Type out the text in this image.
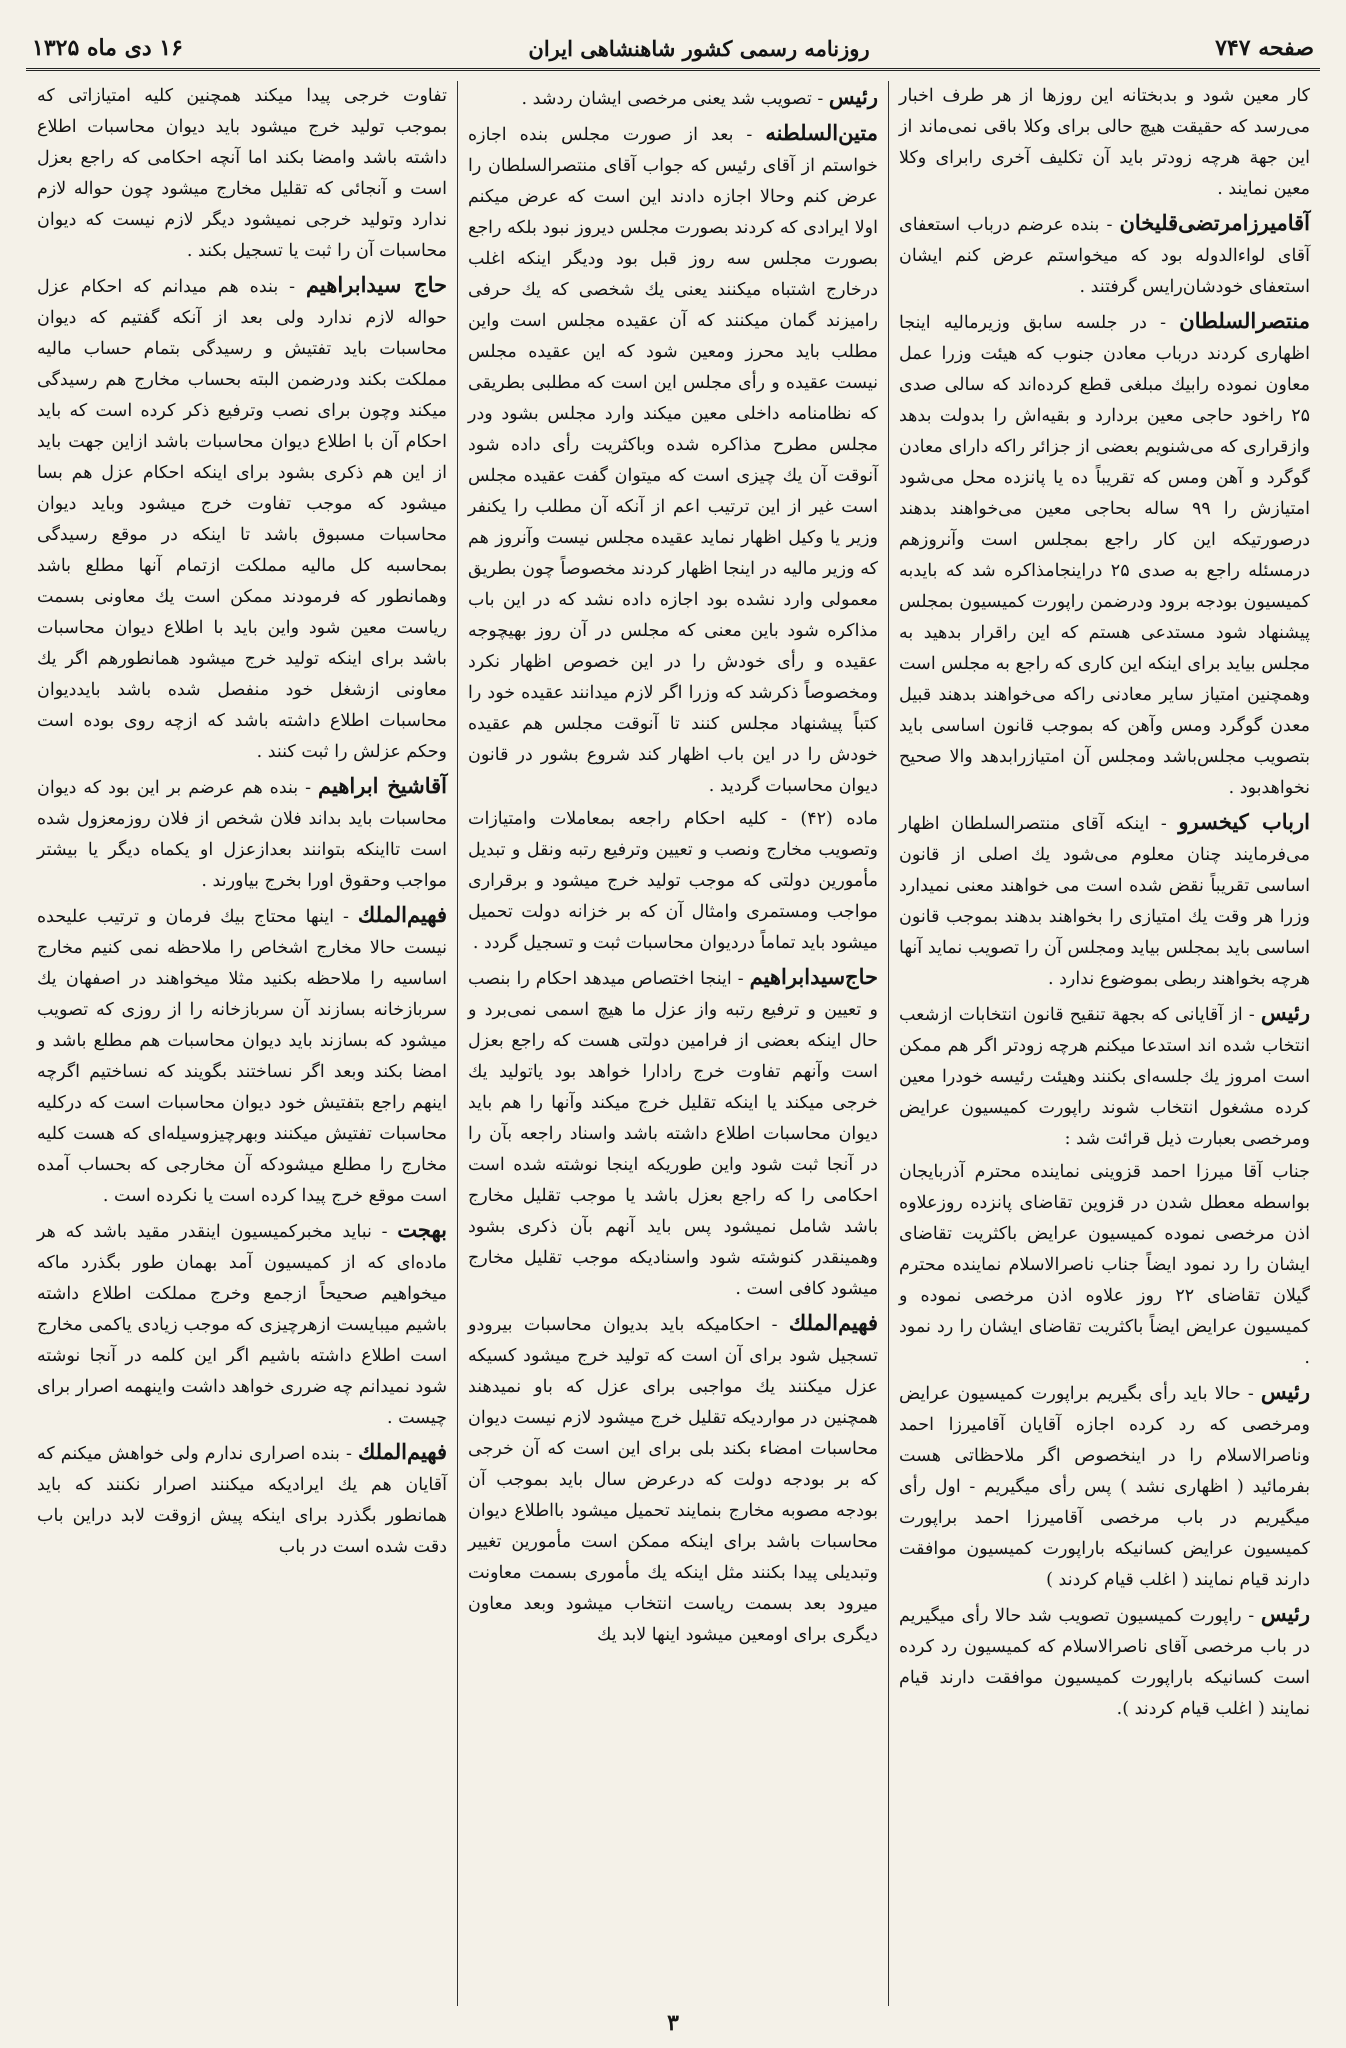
صفحه ۷۴۷
روزنامه رسمی کشور شاهنشاهی ایران
۱۶ دی ماه ۱۳۲۵

کار معین شود و بدبختانه این روزها از هر طرف اخبار می‌رسد که حقیقت هیچ حالی برای وکلا باقی نمی‌ماند از این جهة هرچه زودتر باید آن تکلیف آخری رابرای وکلا معین نمایند .

آقامیرزامرتضی‌قلیخان - بنده عرضم درباب استعفای آقای لواءالدوله بود که میخواستم عرض کنم ایشان استعفای خودشان‌رایس گرفتند .

منتصرالسلطان - در جلسه سابق وزیرمالیه اینجا اظهاری کردند درباب معادن جنوب که هیئت وزرا عمل معاون نموده رابیك مبلغی قطع کرده‌اند که سالی صدی ۲۵ راخود حاجی معین بردارد و بقیه‌اش را بدولت بدهد وازقراری که می‌شنویم بعضی از جزائر راکه دارای معادن گوگرد و آهن ومس که تقریباً ده یا پانزده محل می‌شود امتیازش را ۹۹ ساله بحاجی معین می‌خواهند بدهند درصورتیکه این کار راجع بمجلس است وآنروزهم درمسئله راجع به صدی ۲۵ دراینجامذاکره شد که بایدبه کمیسیون بودجه برود ودرضمن راپورت کمیسیون بمجلس پیشنهاد شود مستدعی هستم که این راقرار بدهید به مجلس بیاید برای اینکه این کاری که راجع به مجلس است وهمچنین امتیاز سایر معادنی راکه می‌خواهند بدهند قبیل معدن گوگرد ومس وآهن که بموجب قانون اساسی باید بتصویب مجلس‌باشد ومجلس آن امتیازرابدهد والا صحیح نخواهدبود .

ارباب کیخسرو - اینکه آقای منتصرالسلطان اظهار می‌فرمایند چنان معلوم می‌شود یك اصلی از قانون اساسی تقریباً نقض شده است می خواهند معنی نمیدارد وزرا هر وقت یك امتیازی را بخواهند بدهند بموجب قانون اساسی باید بمجلس بیاید ومجلس آن را تصویب نماید آنها هرچه بخواهند ربطی بموضوع ندارد .

رئیس - از آقایانی که بجهة تنقیح قانون انتخابات ازشعب انتخاب شده اند استدعا میکنم هرچه زودتر اگر هم ممکن است امروز یك جلسه‌ای بکنند وهیئت رئیسه خودرا معین کرده مشغول انتخاب شوند راپورت کمیسیون عرایض ومرخصی بعبارت ذیل قرائت شد :

جناب آقا میرزا احمد قزوینی نماینده محترم آذربایجان بواسطه معطل شدن در قزوین تقاضای پانزده روزعلاوه اذن مرخصی نموده کمیسیون عرایض باکثریت تقاضای ایشان را رد نمود ایضاً جناب ناصرالاسلام نماینده محترم گیلان تقاضای ۲۲ روز علاوه اذن مرخصی نموده و کمیسیون عرایض ایضاً باکثریت تقاضای ایشان را رد نمود .

رئیس - حالا باید رأی بگیریم براپورت کمیسیون عرایض ومرخصی که رد کرده اجازه آقایان آقامیرزا احمد وناصرالاسلام را در اینخصوص اگر ملاحظاتی هست بفرمائید ( اظهاری نشد ) پس رأی میگیریم - اول رأی میگیریم در باب مرخصی آقامیرزا احمد براپورت کمیسیون عرایض کسانیکه باراپورت کمیسیون موافقت دارند قیام نمایند ( اغلب قیام کردند )

رئیس - راپورت کمیسیون تصویب شد حالا رأی میگیریم در باب مرخصی آقای ناصرالاسلام که کمیسیون رد کرده است کسانیکه باراپورت کمیسیون موافقت دارند قیام نمایند ( اغلب قیام کردند ).

رئیس - تصویب شد یعنی مرخصی ایشان ردشد .

متین‌السلطنه - بعد از صورت مجلس بنده اجازه خواستم از آقای رئیس که جواب آقای منتصرالسلطان را عرض کنم وحالا اجازه دادند این است که عرض میکنم اولا ایرادی که کردند بصورت مجلس دیروز نبود بلکه راجع بصورت مجلس سه روز قبل بود ودیگر اینکه اغلب درخارج اشتباه میکنند یعنی یك شخصی که یك حرفی رامیزند گمان میکنند که آن عقیده مجلس است واین مطلب باید محرز ومعین شود که این عقیده مجلس نیست عقیده و رأی مجلس این است که مطلبی بطریقی که نظامنامه داخلی معین میکند وارد مجلس بشود ودر مجلس مطرح مذاکره شده وباکثریت رأی داده شود آنوقت آن یك چیزی است که میتوان گفت عقیده مجلس است غیر از این ترتیب اعم از آنکه آن مطلب را یکنفر وزیر یا وکیل اظهار نماید عقیده مجلس نیست وآنروز هم که وزیر مالیه در اینجا اظهار کردند مخصوصاً چون بطریق معمولی وارد نشده بود اجازه داده نشد که در این باب مذاکره شود باین معنی که مجلس در آن روز بهیچوجه عقیده و رأی خودش را در این خصوص اظهار نکرد ومخصوصاً ذکرشد که وزرا اگر لازم میدانند عقیده خود را کتباً پیشنهاد مجلس کنند تا آنوقت مجلس هم عقیده خودش را در این باب اظهار کند شروع بشور در قانون دیوان محاسبات گردید .

ماده (۴۲) - کلیه احکام راجعه بمعاملات وامتیازات وتصویب مخارج ونصب و تعیین وترفیع رتبه ونقل و تبدیل مأمورین دولتی که موجب تولید خرج میشود و برقراری مواجب ومستمری وامثال آن که بر خزانه دولت تحمیل میشود باید تماماً دردیوان محاسبات ثبت و تسجیل گردد .

حاج‌سیدابراهیم - اینجا اختصاص میدهد احکام را بنصب و تعیین و ترفیع رتبه واز عزل ما هیچ اسمی نمی‌برد و حال اینکه بعضی از فرامین دولتی هست که راجع بعزل است وآنهم تفاوت خرج رادارا خواهد بود یاتولید یك خرجی میکند یا اینکه تقلیل خرج میکند وآنها را هم باید دیوان محاسبات اطلاع داشته باشد واسناد راجعه بآن را در آنجا ثبت شود واین طوریکه اینجا نوشته شده است احکامی را که راجع بعزل باشد یا موجب تقلیل مخارج باشد شامل نمیشود پس باید آنهم بآن ذکری بشود وهمینقدر کنوشته شود واسنادیکه موجب تقلیل مخارج میشود کافی است .

فهیم‌الملك - احکامیکه باید بدیوان محاسبات بیرودو تسجیل شود برای آن است که تولید خرج میشود کسیکه عزل میکنند یك مواجبی برای عزل که باو نمیدهند همچنین در مواردیکه تقلیل خرج میشود لازم نیست دیوان محاسبات امضاء بکند بلی برای این است که آن خرجی که بر بودجه دولت که درعرض سال باید بموجب آن بودجه مصوبه مخارج بنمایند تحمیل میشود بااطلاع دیوان محاسبات باشد برای اینکه ممکن است مأمورین تغییر وتبدیلی پیدا بکنند مثل اینکه یك مأموری بسمت معاونت میرود بعد بسمت ریاست انتخاب میشود وبعد معاون دیگری برای اومعین میشود اینها لابد یك

تفاوت خرجی پیدا میکند همچنین کلیه امتیازاتی که بموجب تولید خرج میشود باید دیوان محاسبات اطلاع داشته باشد وامضا بکند اما آنچه احکامی که راجع بعزل است و آنجائی که تقلیل مخارج میشود چون حواله لازم ندارد وتولید خرجی نمیشود دیگر لازم نیست که دیوان محاسبات آن را ثبت یا تسجیل بکند .

حاج سیدابراهیم - بنده هم میدانم که احکام عزل حواله لازم ندارد ولی بعد از آنکه گفتیم که دیوان محاسبات باید تفتیش و رسیدگی بتمام حساب مالیه مملکت بکند ودرضمن البته بحساب مخارج هم رسیدگی میکند وچون برای نصب وترفیع ذکر کرده است که باید احکام آن با اطلاع دیوان محاسبات باشد ازاین جهت باید از این هم ذکری بشود برای اینکه احکام عزل هم بسا میشود که موجب تفاوت خرج میشود وباید دیوان محاسبات مسبوق باشد تا اینکه در موقع رسیدگی بمحاسبه کل مالیه مملکت ازتمام آنها مطلع باشد وهمانطور که فرمودند ممکن است یك معاونی بسمت ریاست معین شود واین باید با اطلاع دیوان محاسبات باشد برای اینکه تولید خرج میشود همانطورهم اگر یك معاونی ازشغل خود منفصل شده باشد بایددیوان محاسبات اطلاع داشته باشد که ازچه روی بوده است وحکم عزلش را ثبت کنند .

آقاشیخ ابراهیم - بنده هم عرضم بر این بود که دیوان محاسبات باید بداند فلان شخص از فلان روزمعزول شده است تااینکه بتوانند بعدازعزل او یکماه دیگر یا بیشتر مواجب وحقوق اورا بخرج بیاورند .

فهیم‌الملك - اینها محتاج بیك فرمان و ترتیب علیحده نیست حالا مخارج اشخاص را ملاحظه نمی کنیم مخارج اساسیه را ملاحظه بکنید مثلا میخواهند در اصفهان یك سربازخانه بسازند آن سربازخانه را از روزی که تصویب میشود که بسازند باید دیوان محاسبات هم مطلع باشد و امضا بکند وبعد اگر نساختند بگویند که نساختیم اگرچه اینهم راجع بتفتیش خود دیوان محاسبات است که درکلیه محاسبات تفتیش میکنند وبهرچیزوسیله‌ای که هست کلیه مخارج را مطلع میشودکه آن مخارجی که بحساب آمده است موقع خرج پیدا کرده است یا نکرده است .

بهجت - نباید مخبرکمیسیون اینقدر مقید باشد که هر ماده‌ای که از کمیسیون آمد بهمان طور بگذرد ماکه میخواهیم صحیحاً ازجمع وخرج مملکت اطلاع داشته باشیم میبایست ازهرچیزی که موجب زیادی یاکمی مخارج است اطلاع داشته باشیم اگر این کلمه در آنجا نوشته شود نمیدانم چه ضرری خواهد داشت واینهمه اصرار برای چیست .

فهیم‌الملك - بنده اصراری ندارم ولی خواهش میکنم که آقایان هم یك ایرادیکه میکنند اصرار نکنند که باید همانطور بگذرد برای اینکه پیش ازوقت لابد دراین باب دقت شده است در باب

۳
